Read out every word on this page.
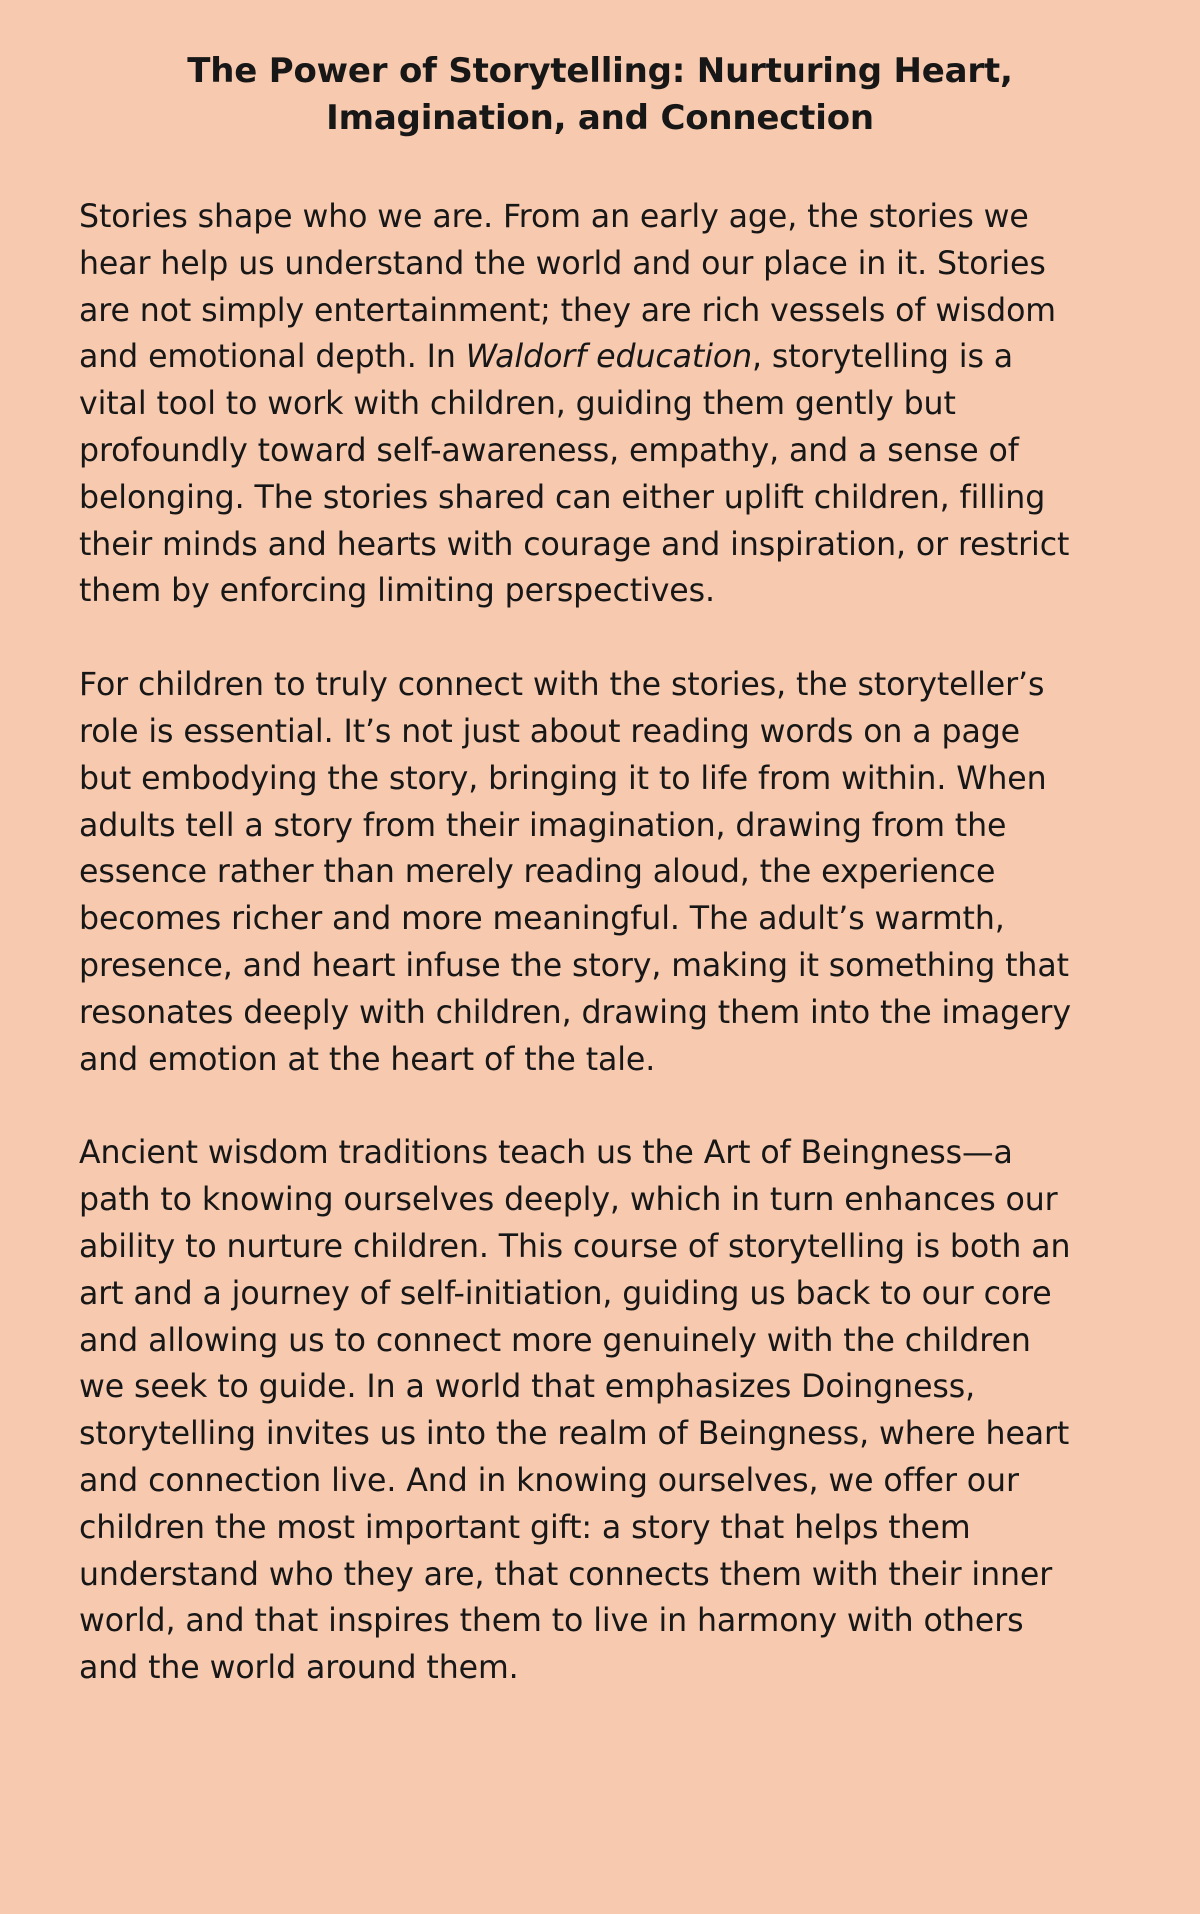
The Power of Storytelling: Nurturing Heart,
Imagination, and Connection

Stories shape who we are. From an early age, the stories we hear help us understand the world and our place in it. Stories are not simply entertainment; they are rich vessels of wisdom and emotional depth. In Waldorf education, storytelling is a vital tool to work with children, guiding them gently but profoundly toward self-awareness, empathy, and a sense of belonging. The stories shared can either uplift children, filling their minds and hearts with courage and inspiration, or restrict them by enforcing limiting perspectives.

For children to truly connect with the stories, the storyteller’s role is essential. It’s not just about reading words on a page but embodying the story, bringing it to life from within. When adults tell a story from their imagination, drawing from the essence rather than merely reading aloud, the experience becomes richer and more meaningful. The adult’s warmth, presence, and heart infuse the story, making it something that resonates deeply with children, drawing them into the imagery and emotion at the heart of the tale.

Ancient wisdom traditions teach us the Art of Beingness—a path to knowing ourselves deeply, which in turn enhances our ability to nurture children. This course of storytelling is both an art and a journey of self-initiation, guiding us back to our core and allowing us to connect more genuinely with the children we seek to guide. In a world that emphasizes Doingness, storytelling invites us into the realm of Beingness, where heart and connection live. And in knowing ourselves, we offer our children the most important gift: a story that helps them understand who they are, that connects them with their inner world, and that inspires them to live in harmony with others and the world around them.
